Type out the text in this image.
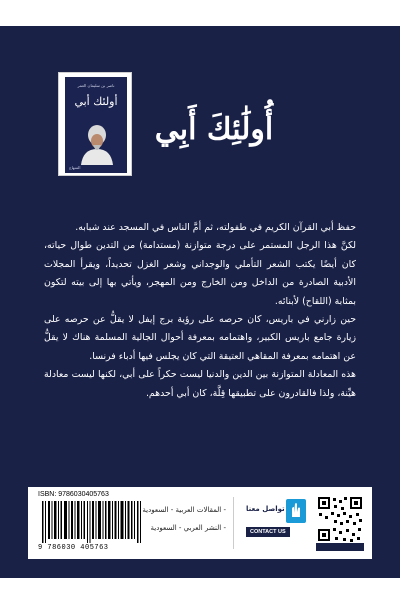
ناصر بن سليمان العمر
أولئك أبي
المنهاج
أُولَٰئِكَ أَبِي

حفظ أبي القرآن الكريم في طفولته، ثم أمَّ الناس في المسجد عند شبابه.

لكنَّ هذا الرجل المستمر على درجة متوازنة (مستدامة) من التدين طوال حياته، كان أيضًا يكتب الشعر التأملي والوجداني وشعر الغزل تحديداً، ويقرأ المجلات الأدبية الصادرة من الداخل ومن الخارج ومن المهجر، ويأتي بها إلى بيته لتكون بمثابة (اللقاح) لأبنائه.

حين زارني في باريس، كان حرصه على رؤية برج إيفل لا يقلُّ عن حرصه على زيارة جامع باريس الكبير، واهتمامه بمعرفة أحوال الجالية المسلمة هناك لا يقلُّ عن اهتمامه بمعرفة المقاهي العتيقة التي كان يجلس فيها أدباء فرنسا.

هذه المعادلة المتوازنة بين الدين والدنيا ليست حكراً على أبي، لكنها ليست معادلة هيِّنة، ولذا فالقادرون على تطبيقها قِلَّة، كان أبي أحدهم.

ISBN: 9786030405763
9 786030 405763
- المقالات العربية - السعودية
- النشر العربي - السعودية
تواصل معنا
CONTACT US
